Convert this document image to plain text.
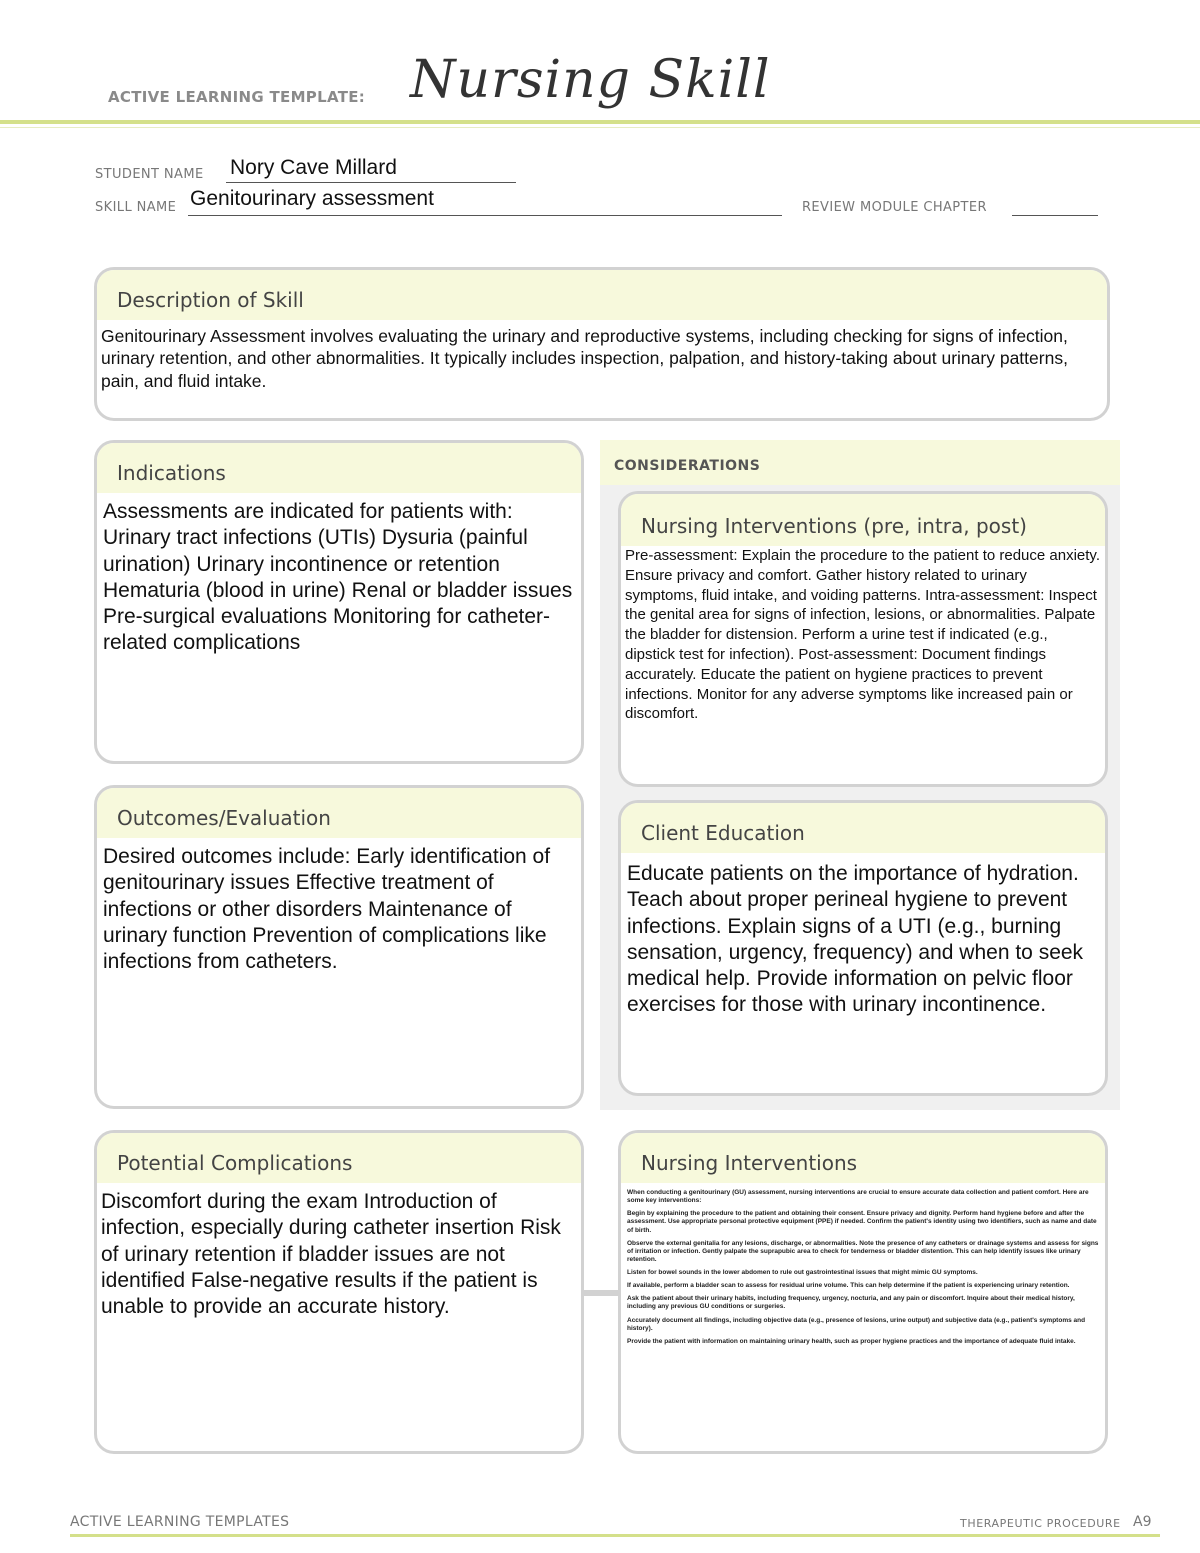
ACTIVE LEARNING TEMPLATE: Nursing Skill
STUDENT NAME Nory Cave Millard
SKILL NAME Genitourinary assessment	REVIEW MODULE CHAPTER
Description of Skill
Genitourinary Assessment involves evaluating the urinary and reproductive systems, including checking for signs of infection, urinary retention, and other abnormalities. It typically includes inspection, palpation, and history-taking about urinary patterns, pain, and fluid intake.
CONSIDERATIONS
Indications
Assessments are indicated for patients with: Urinary tract infections (UTIs) Dysuria (painful urination) Urinary incontinence or retention Hematuria (blood in urine) Renal or bladder issues Pre-surgical evaluations Monitoring for catheter-related complications
Nursing Interventions (pre, intra, post)
Pre-assessment: Explain the procedure to the patient to reduce anxiety. Ensure privacy and comfort. Gather history related to urinary symptoms, fluid intake, and voiding patterns. Intra-assessment: Inspect the genital area for signs of infection, lesions, or abnormalities. Palpate the bladder for distension. Perform a urine test if indicated (e.g., dipstick test for infection). Post-assessment: Document findings accurately. Educate the patient on hygiene practices to prevent infections. Monitor for any adverse symptoms like increased pain or discomfort.
Outcomes/Evaluation
Desired outcomes include: Early identification of genitourinary issues Effective treatment of infections or other disorders Maintenance of urinary function Prevention of complications like infections from catheters.
Client Education
Educate patients on the importance of hydration. Teach about proper perineal hygiene to prevent infections. Explain signs of a UTI (e.g., burning sensation, urgency, frequency) and when to seek medical help. Provide information on pelvic floor exercises for those with urinary incontinence.
Potential Complications
Discomfort during the exam Introduction of infection, especially during catheter insertion Risk of urinary retention if bladder issues are not identified False-negative results if the patient is unable to provide an accurate history.
Nursing Interventions

When conducting a genitourinary (GU) assessment, nursing interventions are crucial to ensure accurate data collection and patient comfort. Here are some key interventions:

Begin by explaining the procedure to the patient and obtaining their consent. Ensure privacy and dignity. Perform hand hygiene before and after the assessment. Use appropriate personal protective equipment (PPE) if needed. Confirm the patient's identity using two identifiers, such as name and date of birth.

Observe the external genitalia for any lesions, discharge, or abnormalities. Note the presence of any catheters or drainage systems and assess for signs of irritation or infection. Gently palpate the suprapubic area to check for tenderness or bladder distention. This can help identify issues like urinary retention.

Listen for bowel sounds in the lower abdomen to rule out gastrointestinal issues that might mimic GU symptoms.

If available, perform a bladder scan to assess for residual urine volume. This can help determine if the patient is experiencing urinary retention.

Ask the patient about their urinary habits, including frequency, urgency, nocturia, and any pain or discomfort. Inquire about their medical history, including any previous GU conditions or surgeries.

Accurately document all findings, including objective data (e.g., presence of lesions, urine output) and subjective data (e.g., patient's symptoms and history).

Provide the patient with information on maintaining urinary health, such as proper hygiene practices and the importance of adequate fluid intake.

ACTIVE LEARNING TEMPLATES	THERAPEUTIC PROCEDURE A9
